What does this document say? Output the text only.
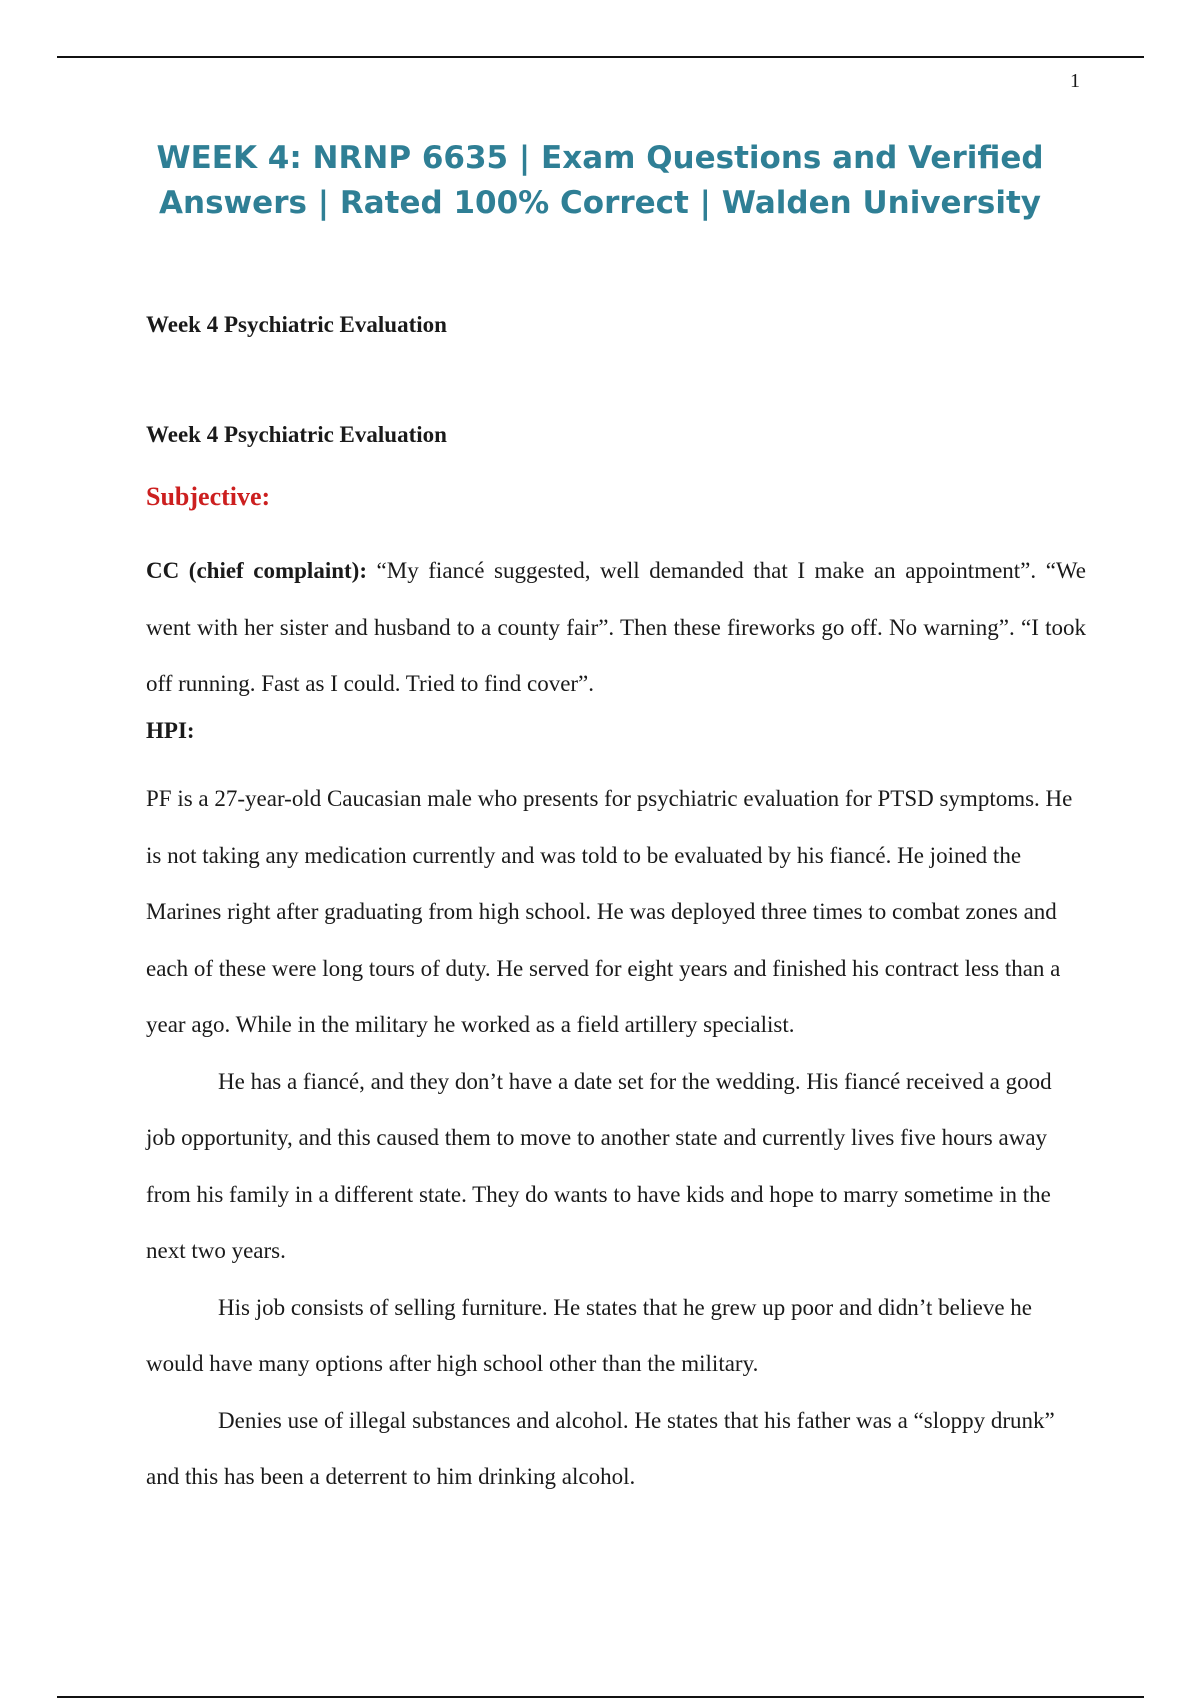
1
WEEK 4: NRNP 6635 | Exam Questions and Verified Answers | Rated 100% Correct | Walden University
Week 4 Psychiatric Evaluation
Week 4 Psychiatric Evaluation
Subjective:
CC (chief complaint): “My fiancé suggested, well demanded that I make an appointment”. “We went with her sister and husband to a county fair”. Then these fireworks go off. No warning”. “I took off running. Fast as I could. Tried to find cover”.
HPI:

PF is a 27-year-old Caucasian male who presents for psychiatric evaluation for PTSD symptoms. He is not taking any medication currently and was told to be evaluated by his fiancé. He joined the Marines right after graduating from high school. He was deployed three times to combat zones and each of these were long tours of duty. He served for eight years and finished his contract less than a year ago. While in the military he worked as a field artillery specialist.

He has a fiancé, and they don’t have a date set for the wedding. His fiancé received a good job opportunity, and this caused them to move to another state and currently lives five hours away from his family in a different state. They do wants to have kids and hope to marry sometime in the next two years.

His job consists of selling furniture. He states that he grew up poor and didn’t believe he would have many options after high school other than the military.

Denies use of illegal substances and alcohol. He states that his father was a “sloppy drunk” and this has been a deterrent to him drinking alcohol.
